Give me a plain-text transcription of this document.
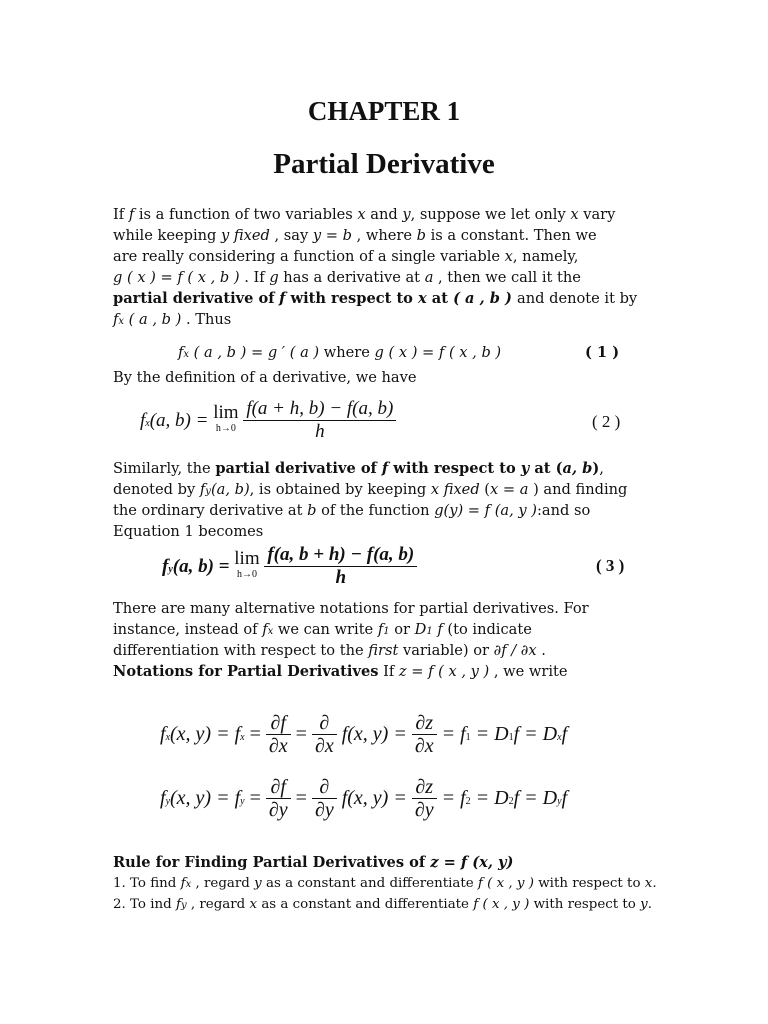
CHAPTER 1
Partial Derivative
If f is a function of two variables x and y, suppose we let only x vary
while keeping y fixed , say y = b , where b is a constant. Then we
are really considering a function of a single variable x, namely,
g ( x ) = f ( x , b ) . If g has a derivative at a , then we call it the
partial derivative of f with respect to x at ( a , b ) and denote it by
fx ( a , b ) . Thus
fx ( a , b ) = g ′ ( a ) where g ( x ) = f ( x , b )	( 1 )
By the definition of a derivative, we have
fx(a, b) = lim
h→0
$\frac{f(a + h, b) - f(a, b)}{h}$	( 2 )
Similarly, the partial derivative of f with respect to y at (a, b),
denoted by fy(a, b), is obtained by keeping x fixed (x = a ) and finding
the ordinary derivative at b of the function g(y) = f (a, y ):and so
Equation 1 becomes
fy(a, b) = lim
h→0
$\frac{f(a, b + h) - f(a, b)}{h}$	( 3 )
There are many alternative notations for partial derivatives. For
instance, instead of fx we can write f1 or D1 f (to indicate
differentiation with respect to the first variable) or ∂f / ∂x .
Notations for Partial Derivatives If z = f ( x , y ) , we write
fx(x, y) = fx = $\frac{\partial f}{\partial x} = \frac{\partial}{\partial x} f(x$, $y) = \frac{\partial z}{\partial x} = f1 = D1f$ = Dxf
fy(x, y) = fy = $\frac{\partial f}{\partial y} = \frac{\partial}{\partial y} f(x$, $y) = \frac{\partial z}{\partial y} = f2 = D2f$ = Dyf
Rule for Finding Partial Derivatives of z = f (x, y)
1. To find fx , regard y as a constant and differentiate f ( x , y ) with respect to x.
2. To ind fy , regard x as a constant and differentiate f ( x , y ) with respect to y.
